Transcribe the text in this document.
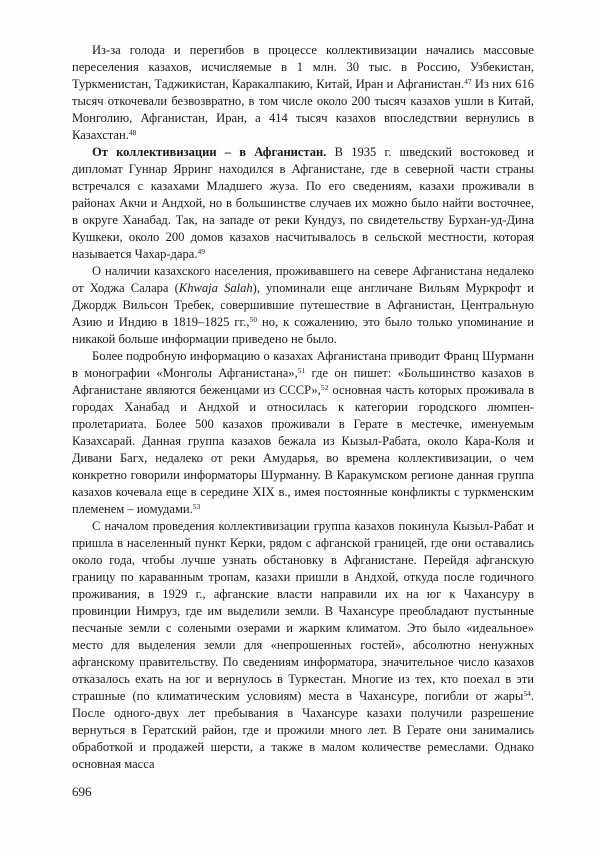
Из-за голода и перегибов в процессе коллективизации начались массовые переселения казахов, исчисляемые в 1 млн. 30 тыс. в Россию, Узбекистан, Туркменистан, Таджикистан, Каракалпакию, Китай, Иран и Афганистан.$^{47}$ Из них 616 тысяч откочевали безвозвратно, в том числе около 200 тысяч казахов ушли в Китай, Монголию, Афганистан, Иран, а 414 тысяч казахов впоследствии вернулись в Казахстан.$^{48}$

От коллективизации – в Афганистан. В 1935 г. шведский востоковед и дипломат Гуннар Ярринг находился в Афганистане, где в северной части страны встречался с казахами Младшего жуза. По его сведениям, казахи проживали в районах Акчи и Андхой, но в большинстве случаев их можно было найти восточнее, в округе Ханабад. Так, на западе от реки Кундуз, по свидетельству Бурхан-уд-Дина Кушкеки, около 200 домов казахов насчитывалось в сельской местности, которая называется Чахар-дара.$^{49}$

О наличии казахского населения, проживавшего на севере Афганистана недалеко от Ходжа Салара (Khwaja Salah), упоминали еще англичане Вильям Муркрофт и Джордж Вильсон Требек, совершившие путешествие в Афганистан, Центральную Азию и Индию в 1819–1825 гг.,$^{50}$ но, к сожалению, это было только упоминание и никакой больше информации приведено не было.

Более подробную информацию о казахах Афганистана приводит Франц Шурманн в монографии «Монголы Афганистана»,$^{51}$ где он пишет: «Большинство казахов в Афганистане являются беженцами из СССР»,$^{52}$ основная часть которых проживала в городах Ханабад и Андхой и относилась к категории городского люмпен-пролетариата. Более 500 казахов проживали в Герате в местечке, именуемым Казахсарай. Данная группа казахов бежала из Кызыл-Рабата, около Кара-Коля и Дивани Багх, недалеко от реки Амударья, во времена коллективизации, о чем конкретно говорили информаторы Шурманну. В Каракумском регионе данная группа казахов кочевала еще в середине XIX в., имея постоянные конфликты с туркменским племенем – иомудами.$^{53}$

С началом проведения коллективизации группа казахов покинула Кызыл-Рабат и пришла в населенный пункт Керки, рядом с афганской границей, где они оставались около года, чтобы лучше узнать обстановку в Афганистане. Перейдя афганскую границу по караванным тропам, казахи пришли в Андхой, откуда после годичного проживания, в 1929 г., афганские власти направили их на юг к Чахансуру в провинции Нимруз, где им выделили земли. В Чахансуре преобладают пустынные песчаные земли с солеными озерами и жарким климатом. Это было «идеальное» место для выделения земли для «непрошенных гостей», абсолютно ненужных афганскому правительству. По сведениям информатора, значительное число казахов отказалось ехать на юг и вернулось в Туркестан. Многие из тех, кто поехал в эти страшные (по климатическим условиям) места в Чахансуре, погибли от жары$^{54}$. После одного-двух лет пребывания в Чахансуре казахи получили разрешение вернуться в Гератский район, где и прожили много лет. В Герате они занимались обработкой и продажей шерсти, а также в малом количестве ремеслами. Однако основная масса

696
